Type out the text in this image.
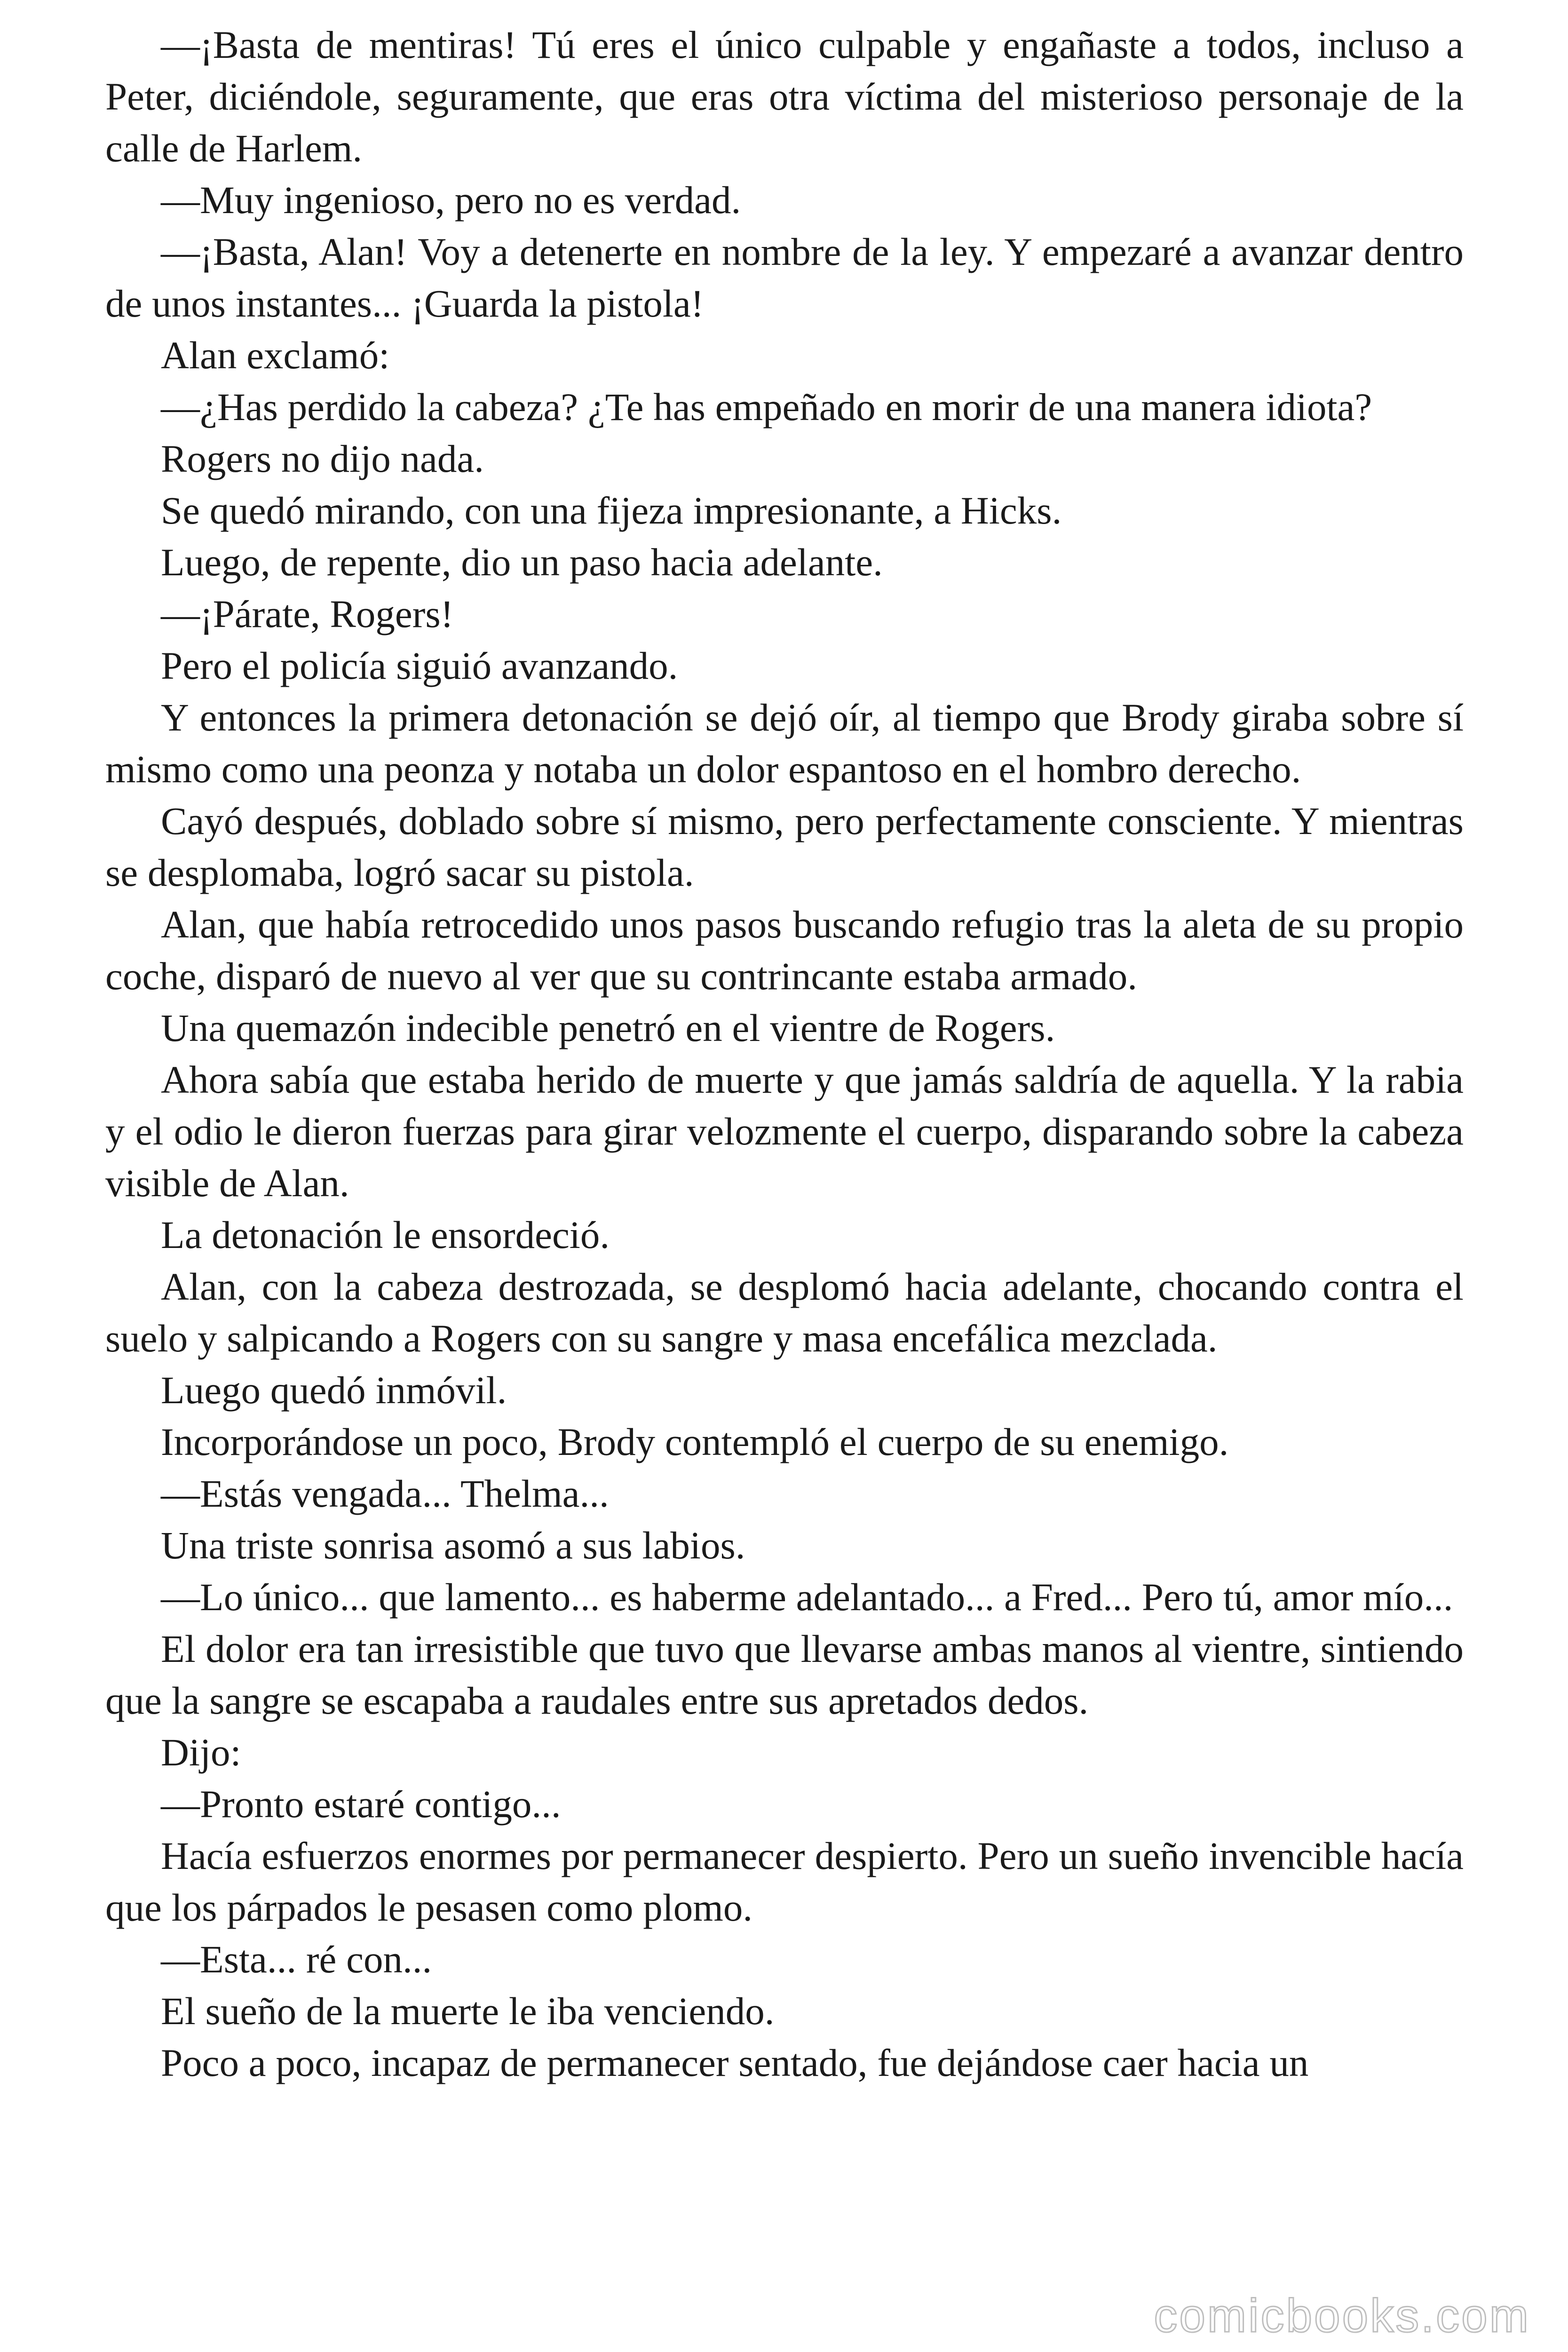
—¡Basta de mentiras! Tú eres el único culpable y engañaste a todos, incluso a Peter, diciéndole, seguramente, que eras otra víctima del misterioso personaje de la calle de Harlem.

—Muy ingenioso, pero no es verdad.

—¡Basta, Alan! Voy a detenerte en nombre de la ley. Y empezaré a avanzar dentro de unos instantes... ¡Guarda la pistola!

Alan exclamó:

—¿Has perdido la cabeza? ¿Te has empeñado en morir de una manera idiota?

Rogers no dijo nada.

Se quedó mirando, con una fijeza impresionante, a Hicks.

Luego, de repente, dio un paso hacia adelante.

—¡Párate, Rogers!

Pero el policía siguió avanzando.

Y entonces la primera detonación se dejó oír, al tiempo que Brody giraba sobre sí mismo como una peonza y notaba un dolor espantoso en el hombro derecho.

Cayó después, doblado sobre sí mismo, pero perfectamente consciente. Y mientras se desplomaba, logró sacar su pistola.

Alan, que había retrocedido unos pasos buscando refugio tras la aleta de su propio coche, disparó de nuevo al ver que su contrincante estaba armado.

Una quemazón indecible penetró en el vientre de Rogers.

Ahora sabía que estaba herido de muerte y que jamás saldría de aquella. Y la rabia y el odio le dieron fuerzas para girar velozmente el cuerpo, disparando sobre la cabeza visible de Alan.

La detonación le ensordeció.

Alan, con la cabeza destrozada, se desplomó hacia adelante, chocando contra el suelo y salpicando a Rogers con su sangre y masa encefálica mezclada.

Luego quedó inmóvil.

Incorporándose un poco, Brody contempló el cuerpo de su enemigo.

—Estás vengada... Thelma...

Una triste sonrisa asomó a sus labios.

—Lo único... que lamento... es haberme adelantado... a Fred... Pero tú, amor mío...

El dolor era tan irresistible que tuvo que llevarse ambas manos al vientre, sintiendo que la sangre se escapaba a raudales entre sus apretados dedos.

Dijo:

—Pronto estaré contigo...

Hacía esfuerzos enormes por permanecer despierto. Pero un sueño invencible hacía que los párpados le pesasen como plomo.

—Esta... ré con...

El sueño de la muerte le iba venciendo.

Poco a poco, incapaz de permanecer sentado, fue dejándose caer hacia un

comicbooks.com
